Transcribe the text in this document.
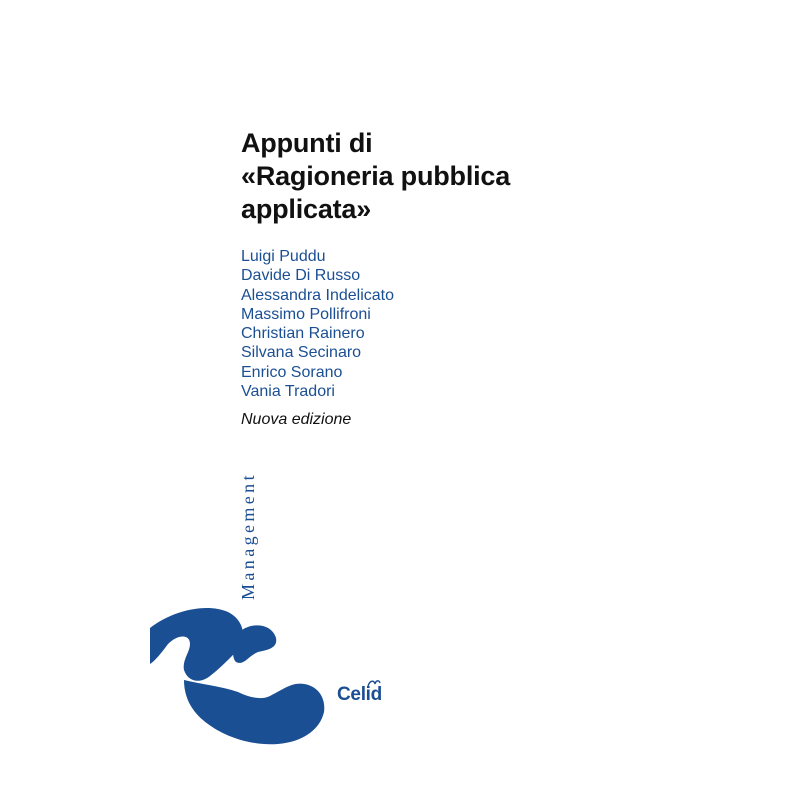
Appunti di
«Ragioneria pubblica
applicata»
Luigi Puddu
Davide Di Russo
Alessandra Indelicato
Massimo Pollifroni
Christian Rainero
Silvana Secinaro
Enrico Sorano
Vania Tradori
Nuova edizione
Management
Celid
